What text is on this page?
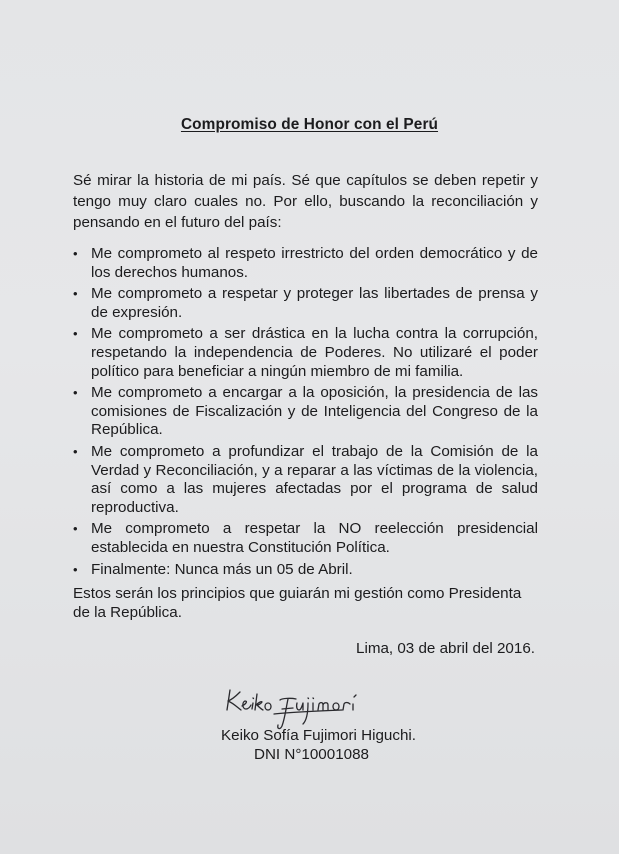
Compromiso de Honor con el Perú

Sé mirar la historia de mi país. Sé que capítulos se deben repetir y tengo muy claro cuales no. Por ello, buscando la reconciliación y pensando en el futuro del país:

• Me comprometo al respeto irrestricto del orden democrático y de los derechos humanos.
• Me comprometo a respetar y proteger las libertades de prensa y de expresión.
• Me comprometo a ser drástica en la lucha contra la corrupción, respetando la independencia de Poderes. No utilizaré el poder político para beneficiar a ningún miembro de mi familia.
• Me comprometo a encargar a la oposición, la presidencia de las comisiones de Fiscalización y de Inteligencia del Congreso de la República.
• Me comprometo a profundizar el trabajo de la Comisión de la Verdad y Reconciliación, y a reparar a las víctimas de la violencia, así como a las mujeres afectadas por el programa de salud reproductiva.
• Me comprometo a respetar la NO reelección presidencial establecida en nuestra Constitución Política.
• Finalmente: Nunca más un 05 de Abril.

Estos serán los principios que guiarán mi gestión como Presidenta de la República.

Lima, 03 de abril del 2016.

Keiko Sofía Fujimori Higuchi.

DNI N°10001088
